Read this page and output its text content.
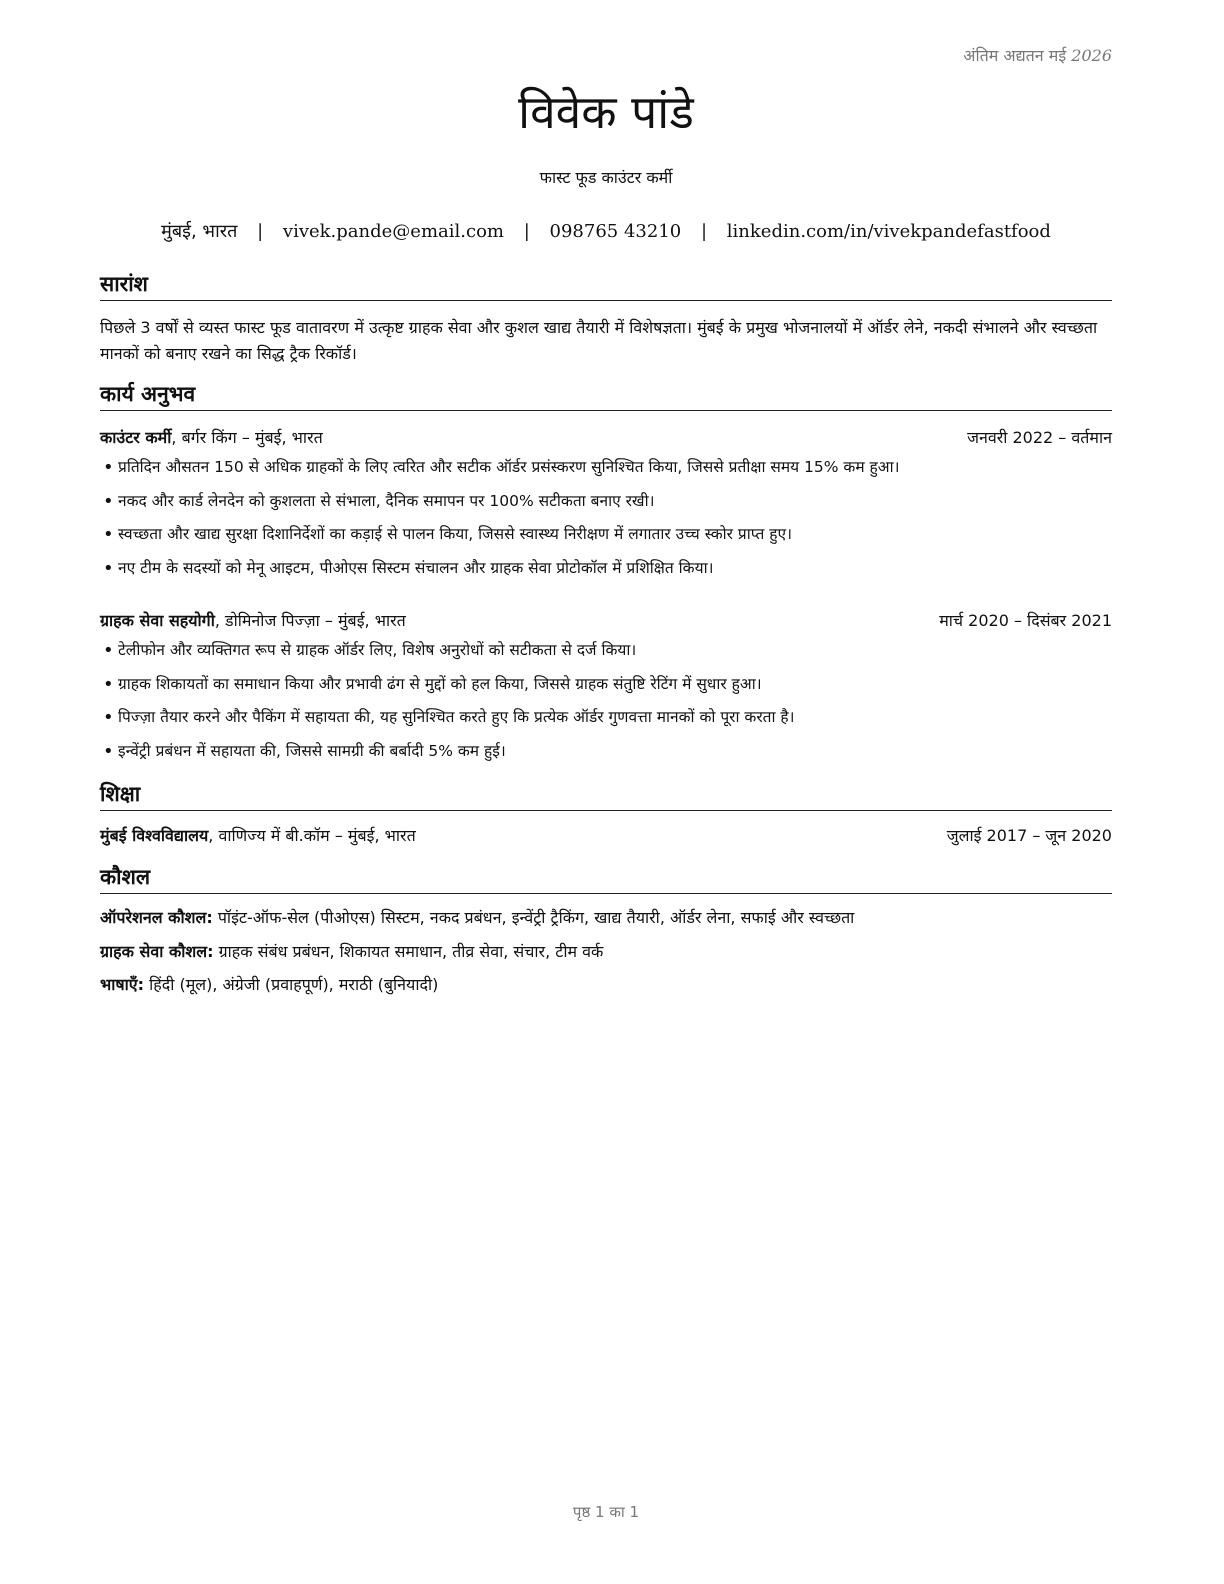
अंतिम अद्यतन मई 2026
विवेक पांडे
फास्ट फूड काउंटर कर्मी
मुंबई, भारत | vivek.pande@email.com | 098765 43210 | linkedin.com/in/vivekpandefastfood
सारांश
पिछले 3 वर्षों से व्यस्त फास्ट फूड वातावरण में उत्कृष्ट ग्राहक सेवा और कुशल खाद्य तैयारी में विशेषज्ञता। मुंबई के प्रमुख भोजनालयों में ऑर्डर लेने, नकदी संभालने और स्वच्छता मानकों को बनाए रखने का सिद्ध ट्रैक रिकॉर्ड।
कार्य अनुभव
काउंटर कर्मी, बर्गर किंग – मुंबई, भारत	जनवरी 2022 – वर्तमान
• प्रतिदिन औसतन 150 से अधिक ग्राहकों के लिए त्वरित और सटीक ऑर्डर प्रसंस्करण सुनिश्चित किया, जिससे प्रतीक्षा समय 15% कम हुआ।
• नकद और कार्ड लेनदेन को कुशलता से संभाला, दैनिक समापन पर 100% सटीकता बनाए रखी।
• स्वच्छता और खाद्य सुरक्षा दिशानिर्देशों का कड़ाई से पालन किया, जिससे स्वास्थ्य निरीक्षण में लगातार उच्च स्कोर प्राप्त हुए।
• नए टीम के सदस्यों को मेनू आइटम, पीओएस सिस्टम संचालन और ग्राहक सेवा प्रोटोकॉल में प्रशिक्षित किया।
ग्राहक सेवा सहयोगी, डोमिनोज पिज्ज़ा – मुंबई, भारत	मार्च 2020 – दिसंबर 2021
• टेलीफोन और व्यक्तिगत रूप से ग्राहक ऑर्डर लिए, विशेष अनुरोधों को सटीकता से दर्ज किया।
• ग्राहक शिकायतों का समाधान किया और प्रभावी ढंग से मुद्दों को हल किया, जिससे ग्राहक संतुष्टि रेटिंग में सुधार हुआ।
• पिज्ज़ा तैयार करने और पैकिंग में सहायता की, यह सुनिश्चित करते हुए कि प्रत्येक ऑर्डर गुणवत्ता मानकों को पूरा करता है।
• इन्वेंट्री प्रबंधन में सहायता की, जिससे सामग्री की बर्बादी 5% कम हुई।
शिक्षा
मुंबई विश्वविद्यालय, वाणिज्य में बी.कॉम – मुंबई, भारत	जुलाई 2017 – जून 2020
कौशल
ऑपरेशनल कौशल: पॉइंट-ऑफ-सेल (पीओएस) सिस्टम, नकद प्रबंधन, इन्वेंट्री ट्रैकिंग, खाद्य तैयारी, ऑर्डर लेना, सफाई और स्वच्छता
ग्राहक सेवा कौशल: ग्राहक संबंध प्रबंधन, शिकायत समाधान, तीव्र सेवा, संचार, टीम वर्क
भाषाएँ: हिंदी (मूल), अंग्रेजी (प्रवाहपूर्ण), मराठी (बुनियादी)
पृष्ठ 1 का 1
